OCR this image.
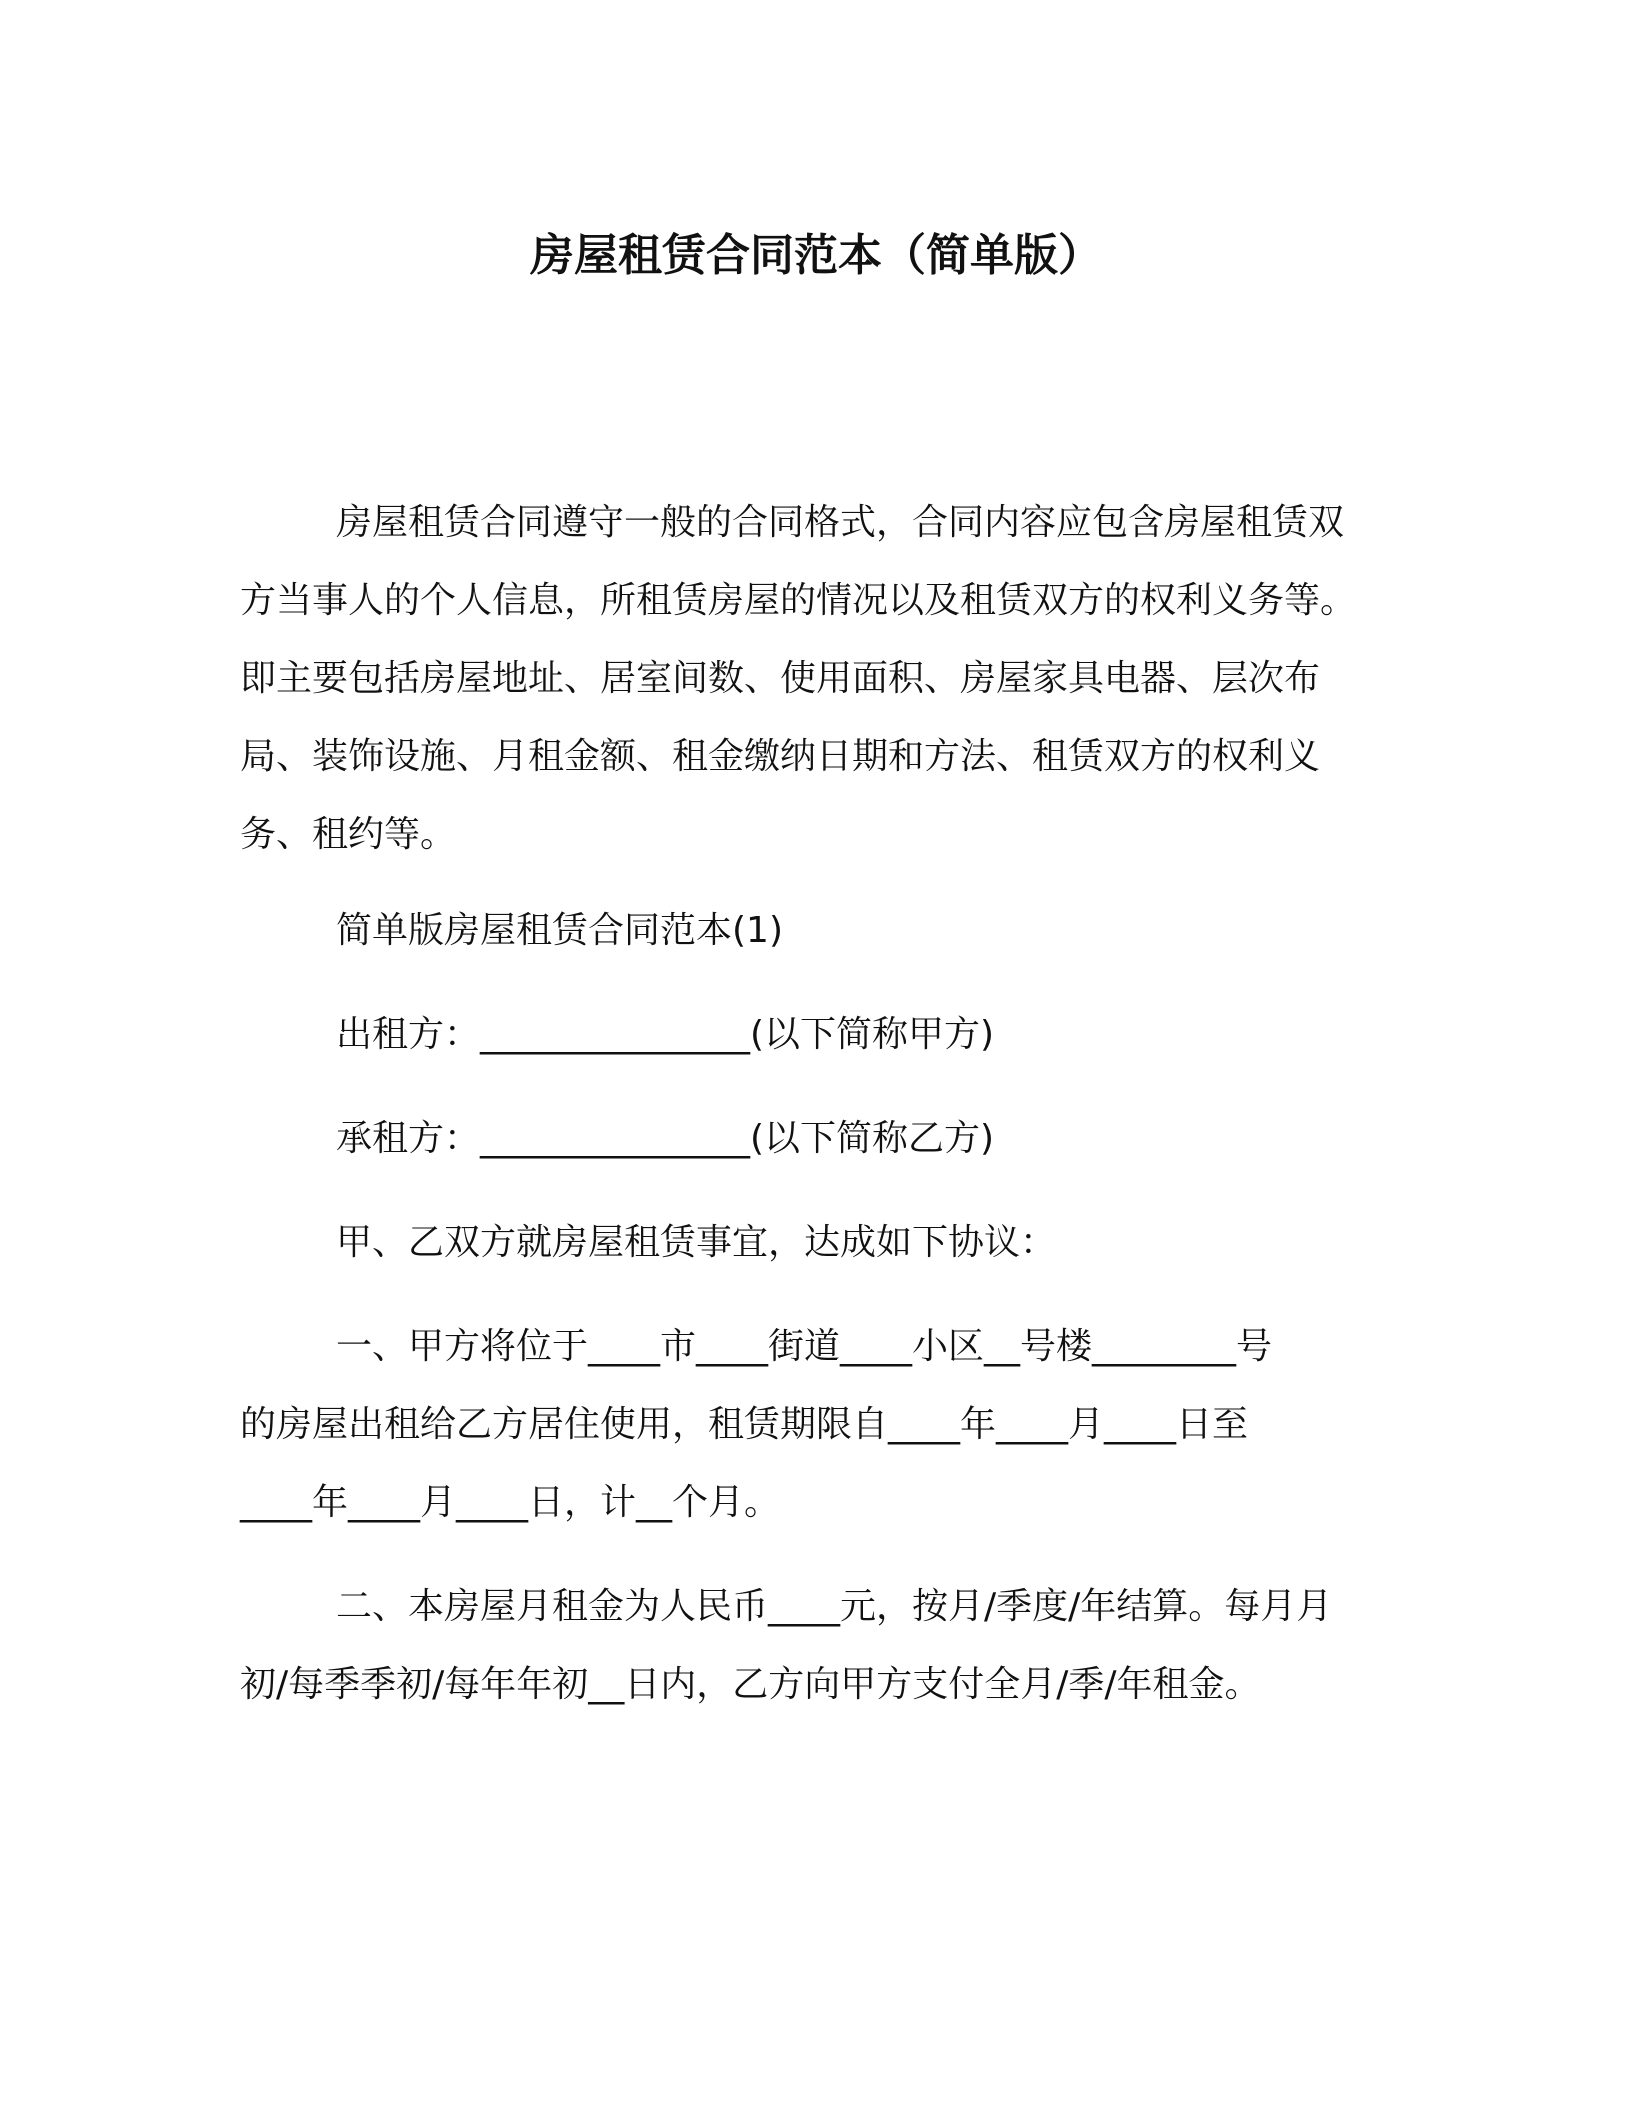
房屋租赁合同范本（简单版）
房屋租赁合同遵守一般的合同格式，合同内容应包含房屋租赁双
方当事人的个人信息，所租赁房屋的情况以及租赁双方的权利义务等。
即主要包括房屋地址、居室间数、使用面积、房屋家具电器、层次布
局、装饰设施、月租金额、租金缴纳日期和方法、租赁双方的权利义
务、租约等。
简单版房屋租赁合同范本(1)
出租方：_______________(以下简称甲方)
承租方：_______________(以下简称乙方)
甲、乙双方就房屋租赁事宜，达成如下协议：
一、甲方将位于____市____街道____小区__号楼________号
的房屋出租给乙方居住使用，租赁期限自____年____月____日至
____年____月____日，计__个月。
二、本房屋月租金为人民币____元，按月/季度/年结算。每月月
初/每季季初/每年年初__日内，乙方向甲方支付全月/季/年租金。
